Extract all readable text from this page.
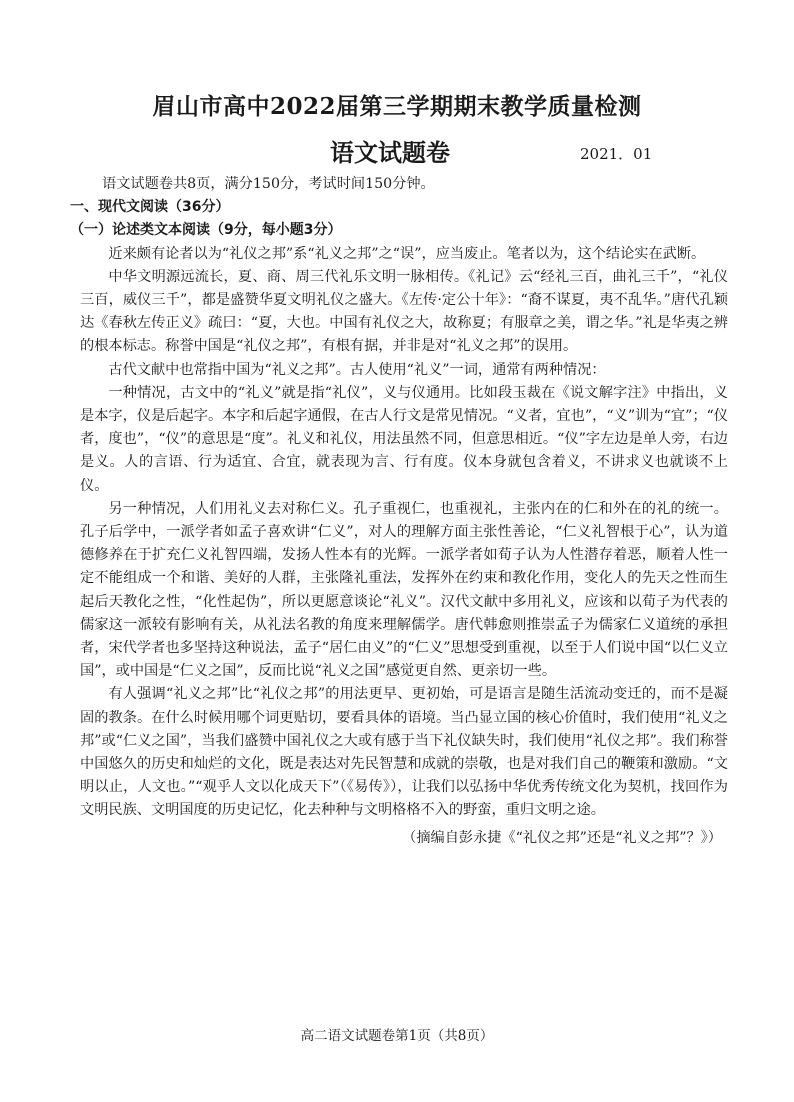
眉山市高中2022届第三学期期末教学质量检测
语文试题卷	2021．01

语文试题卷共8页，满分150分，考试时间150分钟。

一、现代文阅读（36分）

（一）论述类文本阅读（9分，每小题3分）

近来颇有论者以为“礼仪之邦”系“礼义之邦”之“误”，应当废止。笔者以为，这个结论实在武断。

中华文明源远流长，夏、商、周三代礼乐文明一脉相传。《礼记》云“经礼三百，曲礼三千”，“礼仪三百，威仪三千”，都是盛赞华夏文明礼仪之盛大。《左传·定公十年》：“裔不谋夏，夷不乱华。”唐代孔颖达《春秋左传正义》疏曰：“夏，大也。中国有礼仪之大，故称夏；有服章之美，谓之华。”礼是华夷之辨的根本标志。称誉中国是“礼仪之邦”，有根有据，并非是对“礼义之邦”的误用。

古代文献中也常指中国为“礼义之邦”。古人使用“礼义”一词，通常有两种情况：

一种情况，古文中的“礼义”就是指“礼仪”，义与仪通用。比如段玉裁在《说文解字注》中指出，义是本字，仪是后起字。本字和后起字通假，在古人行文是常见情况。“义者，宜也”，“义”训为“宜”；“仪者，度也”，“仪”的意思是“度”。礼义和礼仪，用法虽然不同，但意思相近。“仪”字左边是单人旁，右边是义。人的言语、行为适宜、合宜，就表现为言、行有度。仪本身就包含着义，不讲求义也就谈不上仪。

另一种情况，人们用礼义去对称仁义。孔子重视仁，也重视礼，主张内在的仁和外在的礼的统一。孔子后学中，一派学者如孟子喜欢讲“仁义”，对人的理解方面主张性善论，“仁义礼智根于心”，认为道德修养在于扩充仁义礼智四端，发扬人性本有的光辉。一派学者如荀子认为人性潜存着恶，顺着人性一定不能组成一个和谐、美好的人群，主张隆礼重法，发挥外在约束和教化作用，变化人的先天之性而生起后天教化之性，“化性起伪”，所以更愿意谈论“礼义”。汉代文献中多用礼义，应该和以荀子为代表的儒家这一派较有影响有关，从礼法名教的角度来理解儒学。唐代韩愈则推崇孟子为儒家仁义道统的承担者，宋代学者也多坚持这种说法，孟子“居仁由义”的“仁义”思想受到重视，以至于人们说中国“以仁义立国”，或中国是“仁义之国”，反而比说“礼义之国”感觉更自然、更亲切一些。

有人强调“礼义之邦”比“礼仪之邦”的用法更早、更初始，可是语言是随生活流动变迁的，而不是凝固的教条。在什么时候用哪个词更贴切，要看具体的语境。当凸显立国的核心价值时，我们使用“礼义之邦”或“仁义之国”，当我们盛赞中国礼仪之大或有感于当下礼仪缺失时，我们使用“礼仪之邦”。我们称誉中国悠久的历史和灿烂的文化，既是表达对先民智慧和成就的崇敬，也是对我们自己的鞭策和激励。“文明以止，人文也。”“观乎人文以化成天下”（《易传》），让我们以弘扬中华优秀传统文化为契机，找回作为文明民族、文明国度的历史记忆，化去种种与文明格格不入的野蛮，重归文明之途。

（摘编自彭永捷《“礼仪之邦”还是“礼义之邦”？》）

高二语文试题卷第1页（共8页）
